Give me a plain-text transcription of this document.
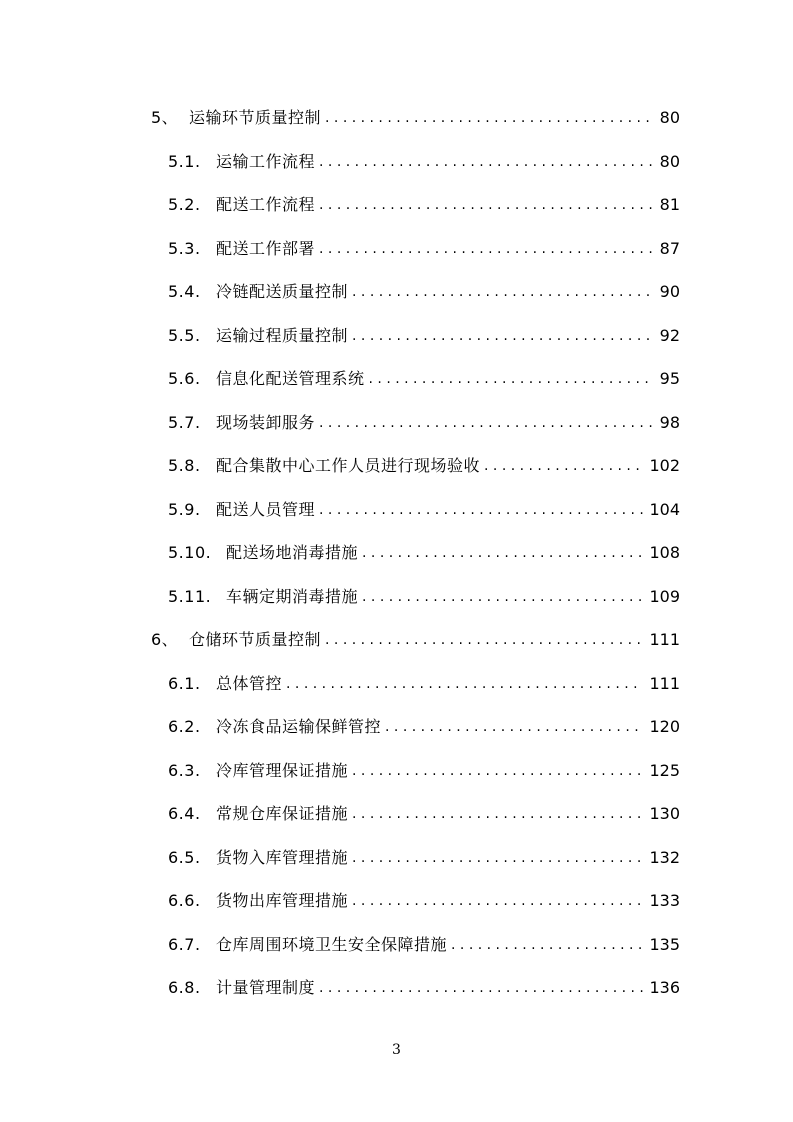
5、 运输环节质量控制 . . .	80
5.1. 运输工作流程 . . .	80
5.2. 配送工作流程 . . .	81
5.3. 配送工作部署 . . .	87
5.4. 冷链配送质量控制 . . .	90
5.5. 运输过程质量控制 . . .	92
5.6. 信息化配送管理系统 . . .	95
5.7. 现场装卸服务 . . .	98
5.8. 配合集散中心工作人员进行现场验收 . . .	102
5.9. 配送人员管理 . . .	104
5.10. 配送场地消毒措施 . . .	108
5.11. 车辆定期消毒措施 . . .	109
6、 仓储环节质量控制 . . .	111
6.1. 总体管控 . . .	111
6.2. 冷冻食品运输保鲜管控 . . .	120
6.3. 冷库管理保证措施 . . .	125
6.4. 常规仓库保证措施 . . .	130
6.5. 货物入库管理措施 . . .	132
6.6. 货物出库管理措施 . . .	133
6.7. 仓库周围环境卫生安全保障措施 . . .	135
6.8. 计量管理制度 . . .	136
3
